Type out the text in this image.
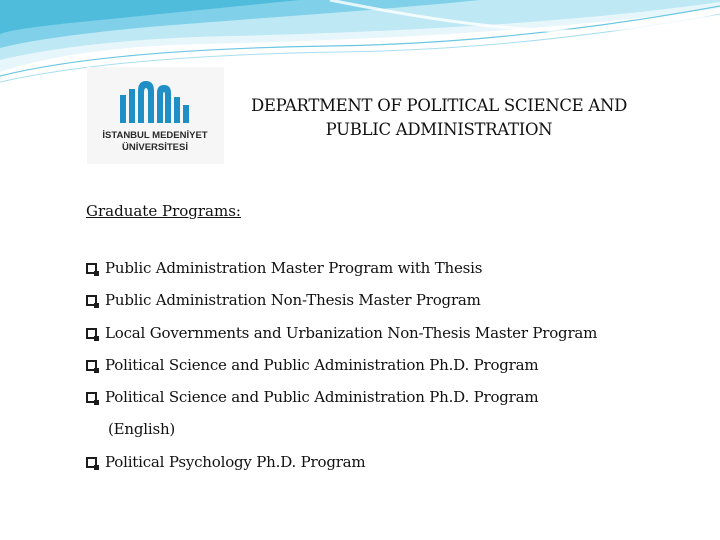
İSTANBUL MEDENİYET
ÜNİVERSİTESİ
DEPARTMENT OF POLITICAL SCIENCE AND
PUBLIC ADMINISTRATION
Graduate Programs:
Public Administration Master Program with Thesis
Public Administration Non-Thesis Master Program
Local Governments and Urbanization Non-Thesis Master Program
Political Science and Public Administration Ph.D. Program
Political Science and Public Administration Ph.D. Program
(English)
Political Psychology Ph.D. Program
